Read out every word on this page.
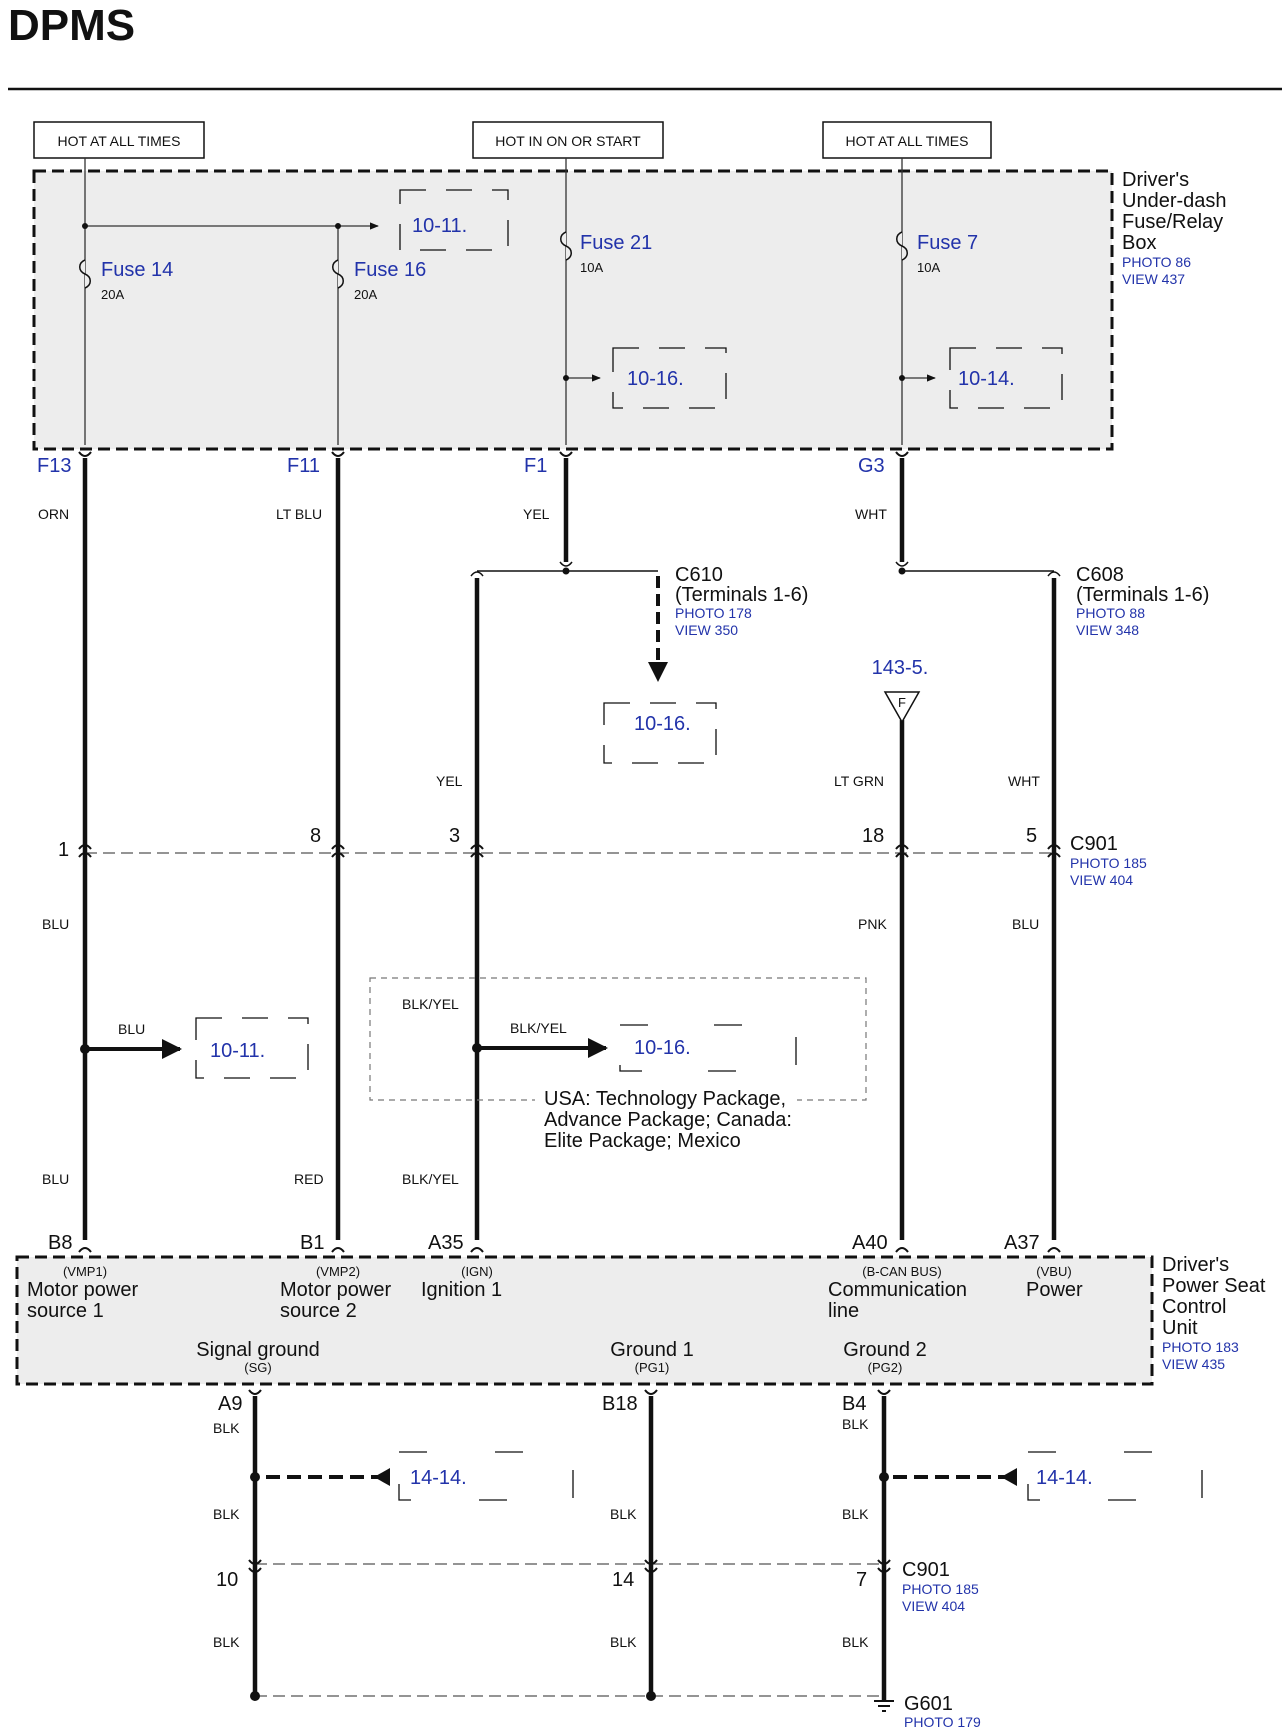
DPMS
HOT AT ALL TIMES	HOT IN ON OR START	HOT AT ALL TIMES
Driver's
Under-dash
Fuse/Relay
Box
PHOTO 86
VIEW 437
Fuse 14
20A
Fuse 16
20A
Fuse 21
10A
Fuse 7
10A
10-11.
10-16.	10-14.
F13	F11	F1	G3
C610
(Terminals 1-6)
PHOTO 178
VIEW 350
10-16.
C608
(Terminals 1-6)
PHOTO 88
VIEW 348
143-5.
F
ORN	LT BLU	YEL	WHT
YEL	LT GRN	WHT
1
8	3	18	5 C901
PHOTO 185
VIEW 404
BLU	PNK	BLU
BLU
10-11.
BLK/YEL
BLK/YEL
10-16.
USA: Technology Package,
Advance Package; Canada:
Elite Package; Mexico
BLU	RED	BLK/YEL
B8	B1	A35	A40	A37
Driver's
Power Seat
Control
Unit
PHOTO 183
VIEW 435
(VMP1)
Motor power
source 1
(VMP2)
Motor power
source 2
(IGN)
Ignition 1
(B-CAN BUS)
Communication
line
(VBU)
Power
Signal ground
(SG)
Ground 1
(PG1)
Ground 2
(PG2)
A9	B18	B4
BLK	BLK
14-14.	14-14.
BLK	BLK	BLK
10	14	7 C901
PHOTO 185
VIEW 404
BLK	BLK	BLK
G601
PHOTO 179
